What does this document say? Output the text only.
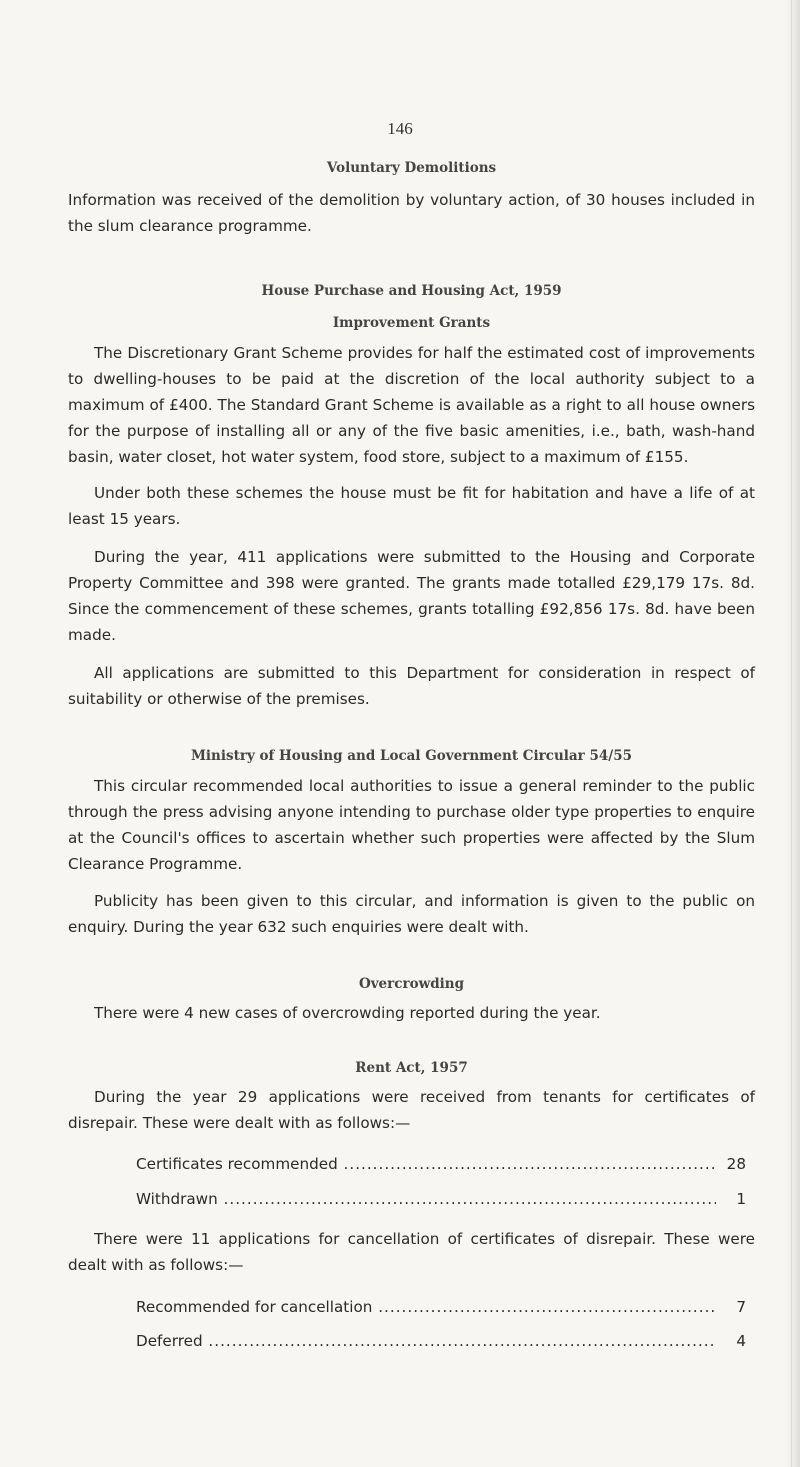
146
Voluntary Demolitions

Information was received of the demolition by voluntary action, of 30 houses included in the slum clearance programme.

House Purchase and Housing Act, 1959
Improvement Grants

The Discretionary Grant Scheme provides for half the estimated cost of improvements to dwelling-houses to be paid at the discretion of the local authority subject to a maximum of £400. The Standard Grant Scheme is available as a right to all house owners for the purpose of installing all or any of the five basic amenities, i.e., bath, wash-hand basin, water closet, hot water system, food store, subject to a maximum of £155.

Under both these schemes the house must be fit for habitation and have a life of at least 15 years.

During the year, 411 applications were submitted to the Housing and Corporate Property Committee and 398 were granted. The grants made totalled £29,179 17s. 8d. Since the commencement of these schemes, grants totalling £92,856 17s. 8d. have been made.

All applications are submitted to this Department for consideration in respect of suitability or otherwise of the premises.

Ministry of Housing and Local Government Circular 54/55

This circular recommended local authorities to issue a general reminder to the public through the press advising anyone intending to purchase older type properties to enquire at the Council's offices to ascertain whether such properties were affected by the Slum Clearance Programme.

Publicity has been given to this circular, and information is given to the public on enquiry. During the year 632 such enquiries were dealt with.

Overcrowding

There were 4 new cases of overcrowding reported during the year.

Rent Act, 1957

During the year 29 applications were received from tenants for certificates of disrepair. These were dealt with as follows:—

Certificates recommended .....	28
Withdrawn .....	1

There were 11 applications for cancellation of certificates of disrepair. These were dealt with as follows:—

Recommended for cancellation .....	7
Deferred .....	4
